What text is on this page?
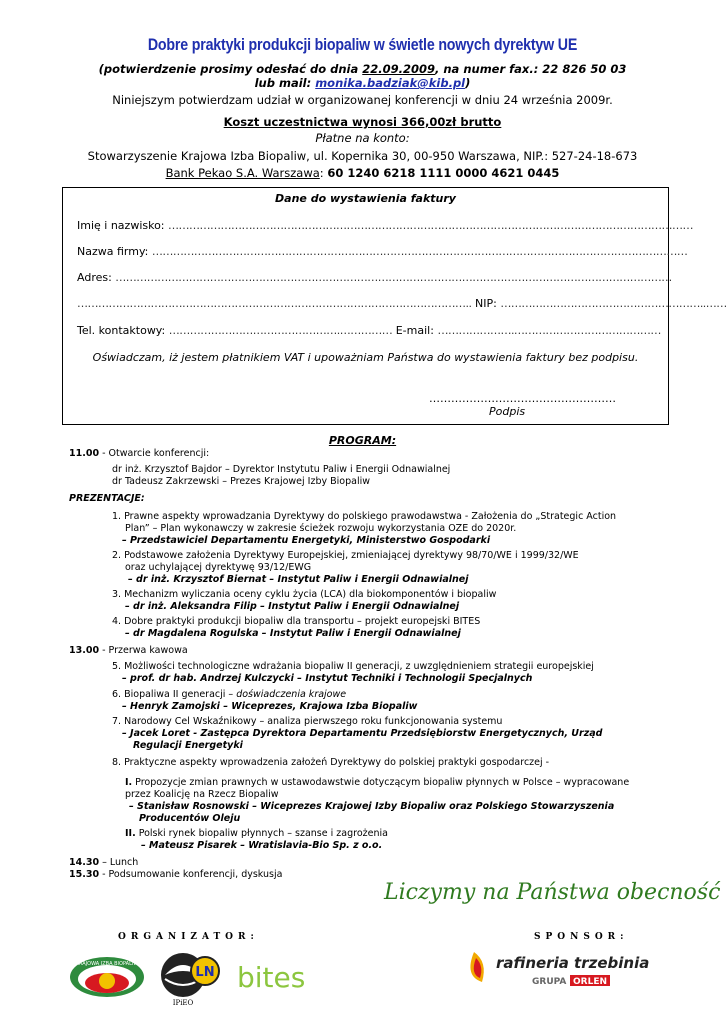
Dobre praktyki produkcji biopaliw w świetle nowych dyrektyw UE
(potwierdzenie prosimy odesłać do dnia 22.09.2009, na numer fax.: 22 826 50 03
lub mail: monika.badziak@kib.pl)
Niniejszym potwierdzam udział w organizowanej konferencji w dniu 24 września 2009r.
Koszt uczestnictwa wynosi 366,00zł brutto
Płatne na konto:
Stowarzyszenie Krajowa Izba Biopaliw, ul. Kopernika 30, 00-950 Warszawa, NIP.: 527-24-18-673
Bank Pekao S.A. Warszawa: 60 1240 6218 1111 0000 4621 0445
Dane do wystawienia faktury
Imię i nazwisko: ……………………………………………………………………………………………………………………………………
Nazwa firmy: ………………………………………………………………………………………………………………………………………
Adres: ……………………………………………………………………………………………………………………………………………
………………………………………………………………………………………………….. NIP: …………………………………………………..……
Tel. kontaktowy: ………………………………………….…………… E-mail: ………………….……………………………………
Oświadczam, iż jestem płatnikiem VAT i upoważniam Państwa do wystawienia faktury bez podpisu.
……………………………………………
Podpis
PROGRAM:
11.00 - Otwarcie konferencji:
dr inż. Krzysztof Bajdor – Dyrektor Instytutu Paliw i Energii Odnawialnej
dr Tadeusz Zakrzewski – Prezes Krajowej Izby Biopaliw
PREZENTACJE:
1. Prawne aspekty wprowadzania Dyrektywy do polskiego prawodawstwa - Założenia do „Strategic Action
Plan” – Plan wykonawczy w zakresie ścieżek rozwoju wykorzystania OZE do 2020r.
– Przedstawiciel Departamentu Energetyki, Ministerstwo Gospodarki
2. Podstawowe założenia Dyrektywy Europejskiej, zmieniającej dyrektywy 98/70/WE i 1999/32/WE
oraz uchylającej dyrektywę 93/12/EWG
– dr inż. Krzysztof Biernat – Instytut Paliw i Energii Odnawialnej
3. Mechanizm wyliczania oceny cyklu życia (LCA) dla biokomponentów i biopaliw
– dr inż. Aleksandra Filip – Instytut Paliw i Energii Odnawialnej
4. Dobre praktyki produkcji biopaliw dla transportu – projekt europejski BITES
– dr Magdalena Rogulska – Instytut Paliw i Energii Odnawialnej
13.00 - Przerwa kawowa
5. Możliwości technologiczne wdrażania biopaliw II generacji, z uwzględnieniem strategii europejskiej
– prof. dr hab. Andrzej Kulczycki – Instytut Techniki i Technologii Specjalnych
6. Biopaliwa II generacji – doświadczenia krajowe
– Henryk Zamojski – Wiceprezes, Krajowa Izba Biopaliw
7. Narodowy Cel Wskaźnikowy – analiza pierwszego roku funkcjonowania systemu
– Jacek Loret - Zastępca Dyrektora Departamentu Przedsiębiorstw Energetycznych, Urząd
Regulacji Energetyki
8. Praktyczne aspekty wprowadzenia założeń Dyrektywy do polskiej praktyki gospodarczej -
I. Propozycje zmian prawnych w ustawodawstwie dotyczącym biopaliw płynnych w Polsce – wypracowane
przez Koalicję na Rzecz Biopaliw
– Stanisław Rosnowski – Wiceprezes Krajowej Izby Biopaliw oraz Polskiego Stowarzyszenia
Producentów Oleju
II. Polski rynek biopaliw płynnych – szanse i zagrożenia
– Mateusz Pisarek – Wratislavia-Bio Sp. z o.o.
14.30 – Lunch
15.30 - Podsumowanie konferencji, dyskusja
Liczymy na Państwa obecność
ORGANIZATOR:	SPONSOR:
KRAJOWA IZBA BIOPALIW
LN
IPiEO
bites	rafineria trzebinia
GRUPA ORLEN
